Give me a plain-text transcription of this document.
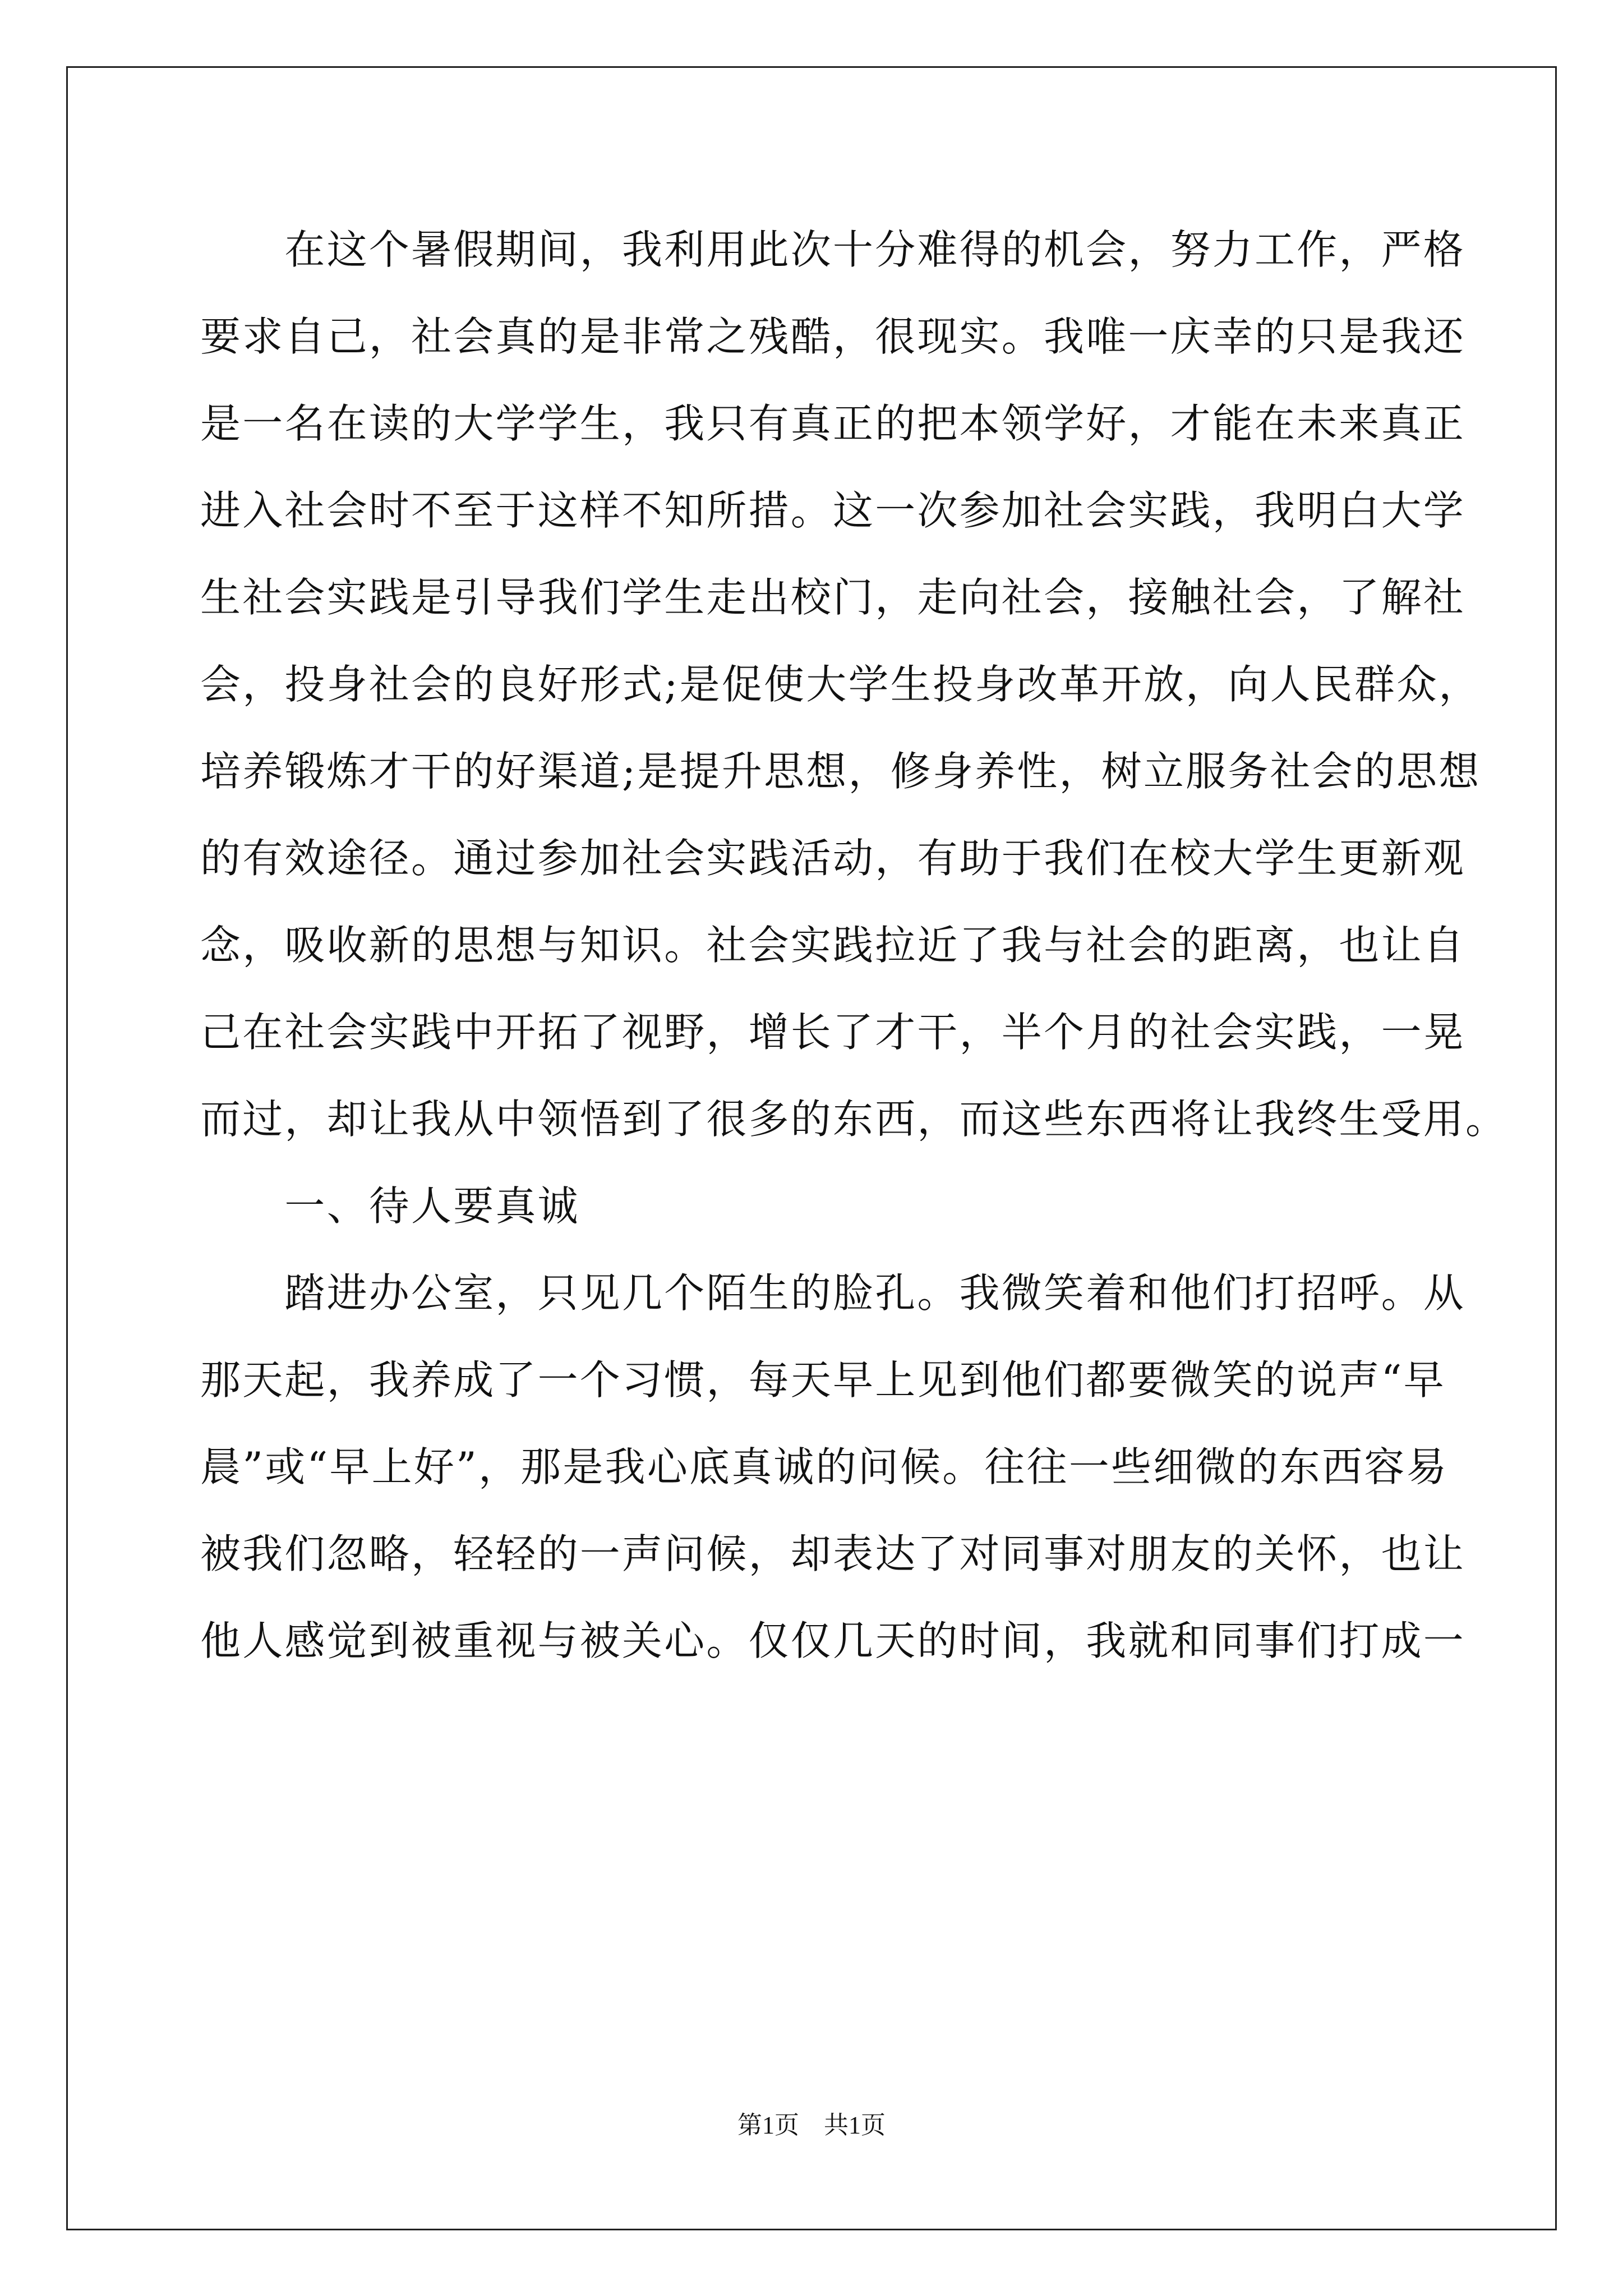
　　在这个暑假期间，我利用此次十分难得的机会，努力工作，严格
要求自己，社会真的是非常之残酷，很现实。我唯一庆幸的只是我还
是一名在读的大学学生，我只有真正的把本领学好，才能在未来真正
进入社会时不至于这样不知所措。这一次参加社会实践，我明白大学
生社会实践是引导我们学生走出校门，走向社会，接触社会，了解社
会，投身社会的良好形式;是促使大学生投身改革开放，向人民群众，
培养锻炼才干的好渠道;是提升思想，修身养性，树立服务社会的思想
的有效途径。通过参加社会实践活动，有助于我们在校大学生更新观
念，吸收新的思想与知识。社会实践拉近了我与社会的距离，也让自
己在社会实践中开拓了视野，增长了才干，半个月的社会实践，一晃
而过，却让我从中领悟到了很多的东西，而这些东西将让我终生受用。
　　一、待人要真诚
　　踏进办公室，只见几个陌生的脸孔。我微笑着和他们打招呼。从
那天起，我养成了一个习惯，每天早上见到他们都要微笑的说声“早
晨”或“早上好”，那是我心底真诚的问候。往往一些细微的东西容易
被我们忽略，轻轻的一声问候，却表达了对同事对朋友的关怀，也让
他人感觉到被重视与被关心。仅仅几天的时间，我就和同事们打成一
第1页　共1页
